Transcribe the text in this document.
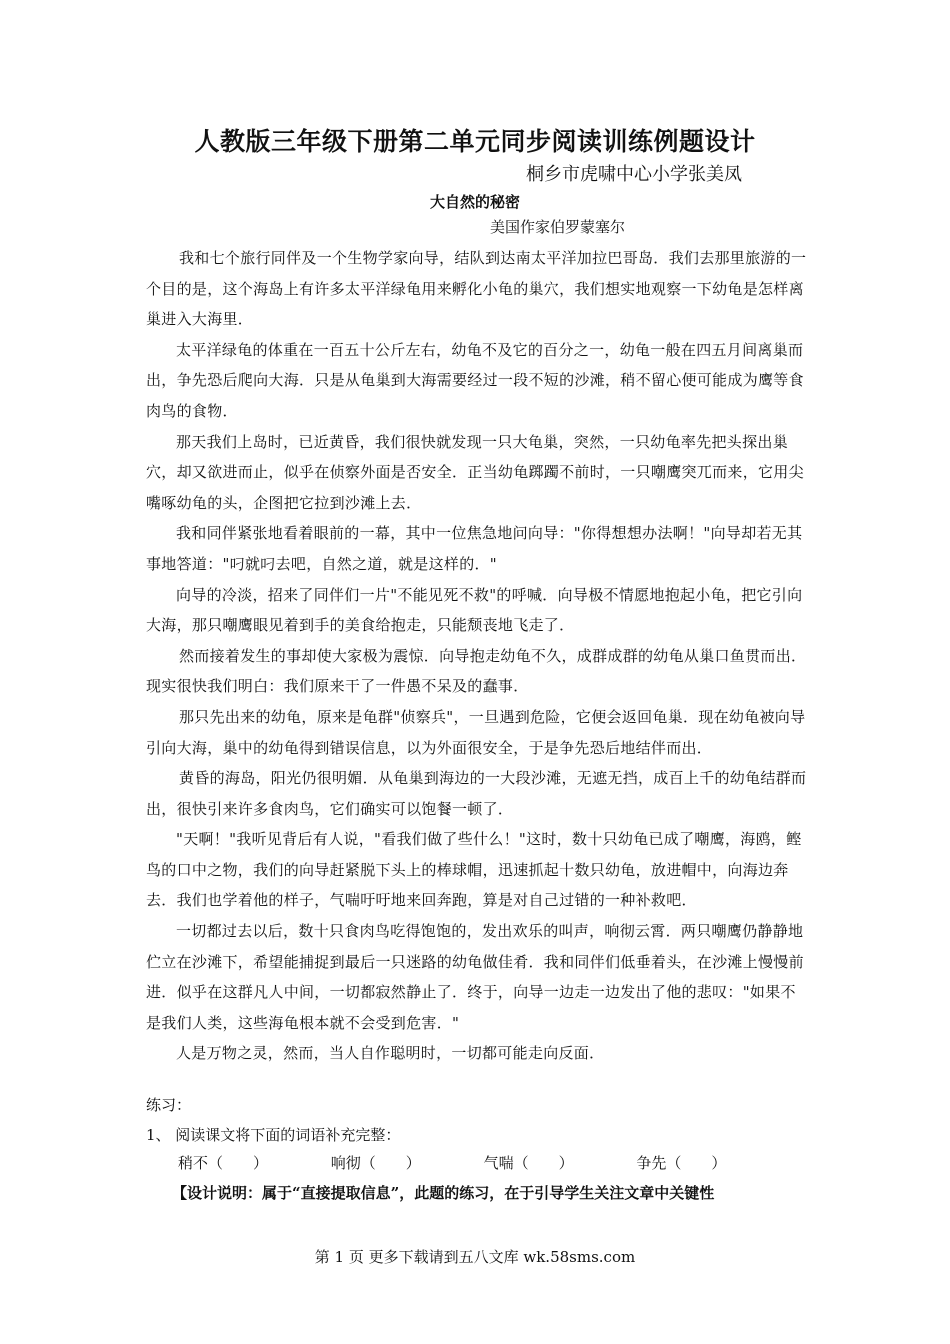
人教版三年级下册第二单元同步阅读训练例题设计
桐乡市虎啸中心小学张美凤
大自然的秘密
美国作家伯罗蒙塞尔

我和七个旅行同伴及一个生物学家向导，结队到达南太平洋加拉巴哥岛．我们去那里旅游的一个目的是，这个海岛上有许多太平洋绿龟用来孵化小龟的巢穴，我们想实地观察一下幼龟是怎样离巢进入大海里．

太平洋绿龟的体重在一百五十公斤左右，幼龟不及它的百分之一，幼龟一般在四五月间离巢而出，争先恐后爬向大海．只是从龟巢到大海需要经过一段不短的沙滩，稍不留心便可能成为鹰等食肉鸟的食物．

那天我们上岛时，已近黄昏，我们很快就发现一只大龟巢，突然，一只幼龟率先把头探出巢穴，却又欲进而止，似乎在侦察外面是否安全．正当幼龟踯躅不前时，一只嘲鹰突兀而来，它用尖嘴啄幼龟的头，企图把它拉到沙滩上去．

我和同伴紧张地看着眼前的一幕，其中一位焦急地问向导："你得想想办法啊！"向导却若无其事地答道："叼就叼去吧，自然之道，就是这样的．"

向导的冷淡，招来了同伴们一片"不能见死不救"的呼喊．向导极不情愿地抱起小龟，把它引向大海，那只嘲鹰眼见着到手的美食给抱走，只能颓丧地飞走了．

然而接着发生的事却使大家极为震惊．向导抱走幼龟不久，成群成群的幼龟从巢口鱼贯而出．现实很快我们明白：我们原来干了一件愚不呆及的蠢事．

那只先出来的幼龟，原来是龟群"侦察兵"，一旦遇到危险，它便会返回龟巢．现在幼龟被向导引向大海，巢中的幼龟得到错误信息，以为外面很安全，于是争先恐后地结伴而出．

黄昏的海岛，阳光仍很明媚．从龟巢到海边的一大段沙滩，无遮无挡，成百上千的幼龟结群而出，很快引来许多食肉鸟，它们确实可以饱餐一顿了．

"天啊！"我听见背后有人说，"看我们做了些什么！"这时，数十只幼龟已成了嘲鹰，海鸥，鲣鸟的口中之物，我们的向导赶紧脱下头上的棒球帽，迅速抓起十数只幼龟，放进帽中，向海边奔去．我们也学着他的样子，气喘吁吁地来回奔跑，算是对自己过错的一种补救吧．

一切都过去以后，数十只食肉鸟吃得饱饱的，发出欢乐的叫声，响彻云霄．两只嘲鹰仍静静地伫立在沙滩下，希望能捕捉到最后一只迷路的幼龟做佳肴．我和同伴们低垂着头，在沙滩上慢慢前进．似乎在这群凡人中间，一切都寂然静止了．终于，向导一边走一边发出了他的悲叹："如果不是我们人类，这些海龟根本就不会受到危害．"

人是万物之灵，然而，当人自作聪明时，一切都可能走向反面．

练习：
1、 阅读课文将下面的词语补充完整：
稍不（　　）	响彻（　　）	气喘（　　）	争先（　　）
【设计说明：属于“直接提取信息”，此题的练习，在于引导学生关注文章中关键性
第 1 页 更多下载请到五八文库 wk.58sms.com
